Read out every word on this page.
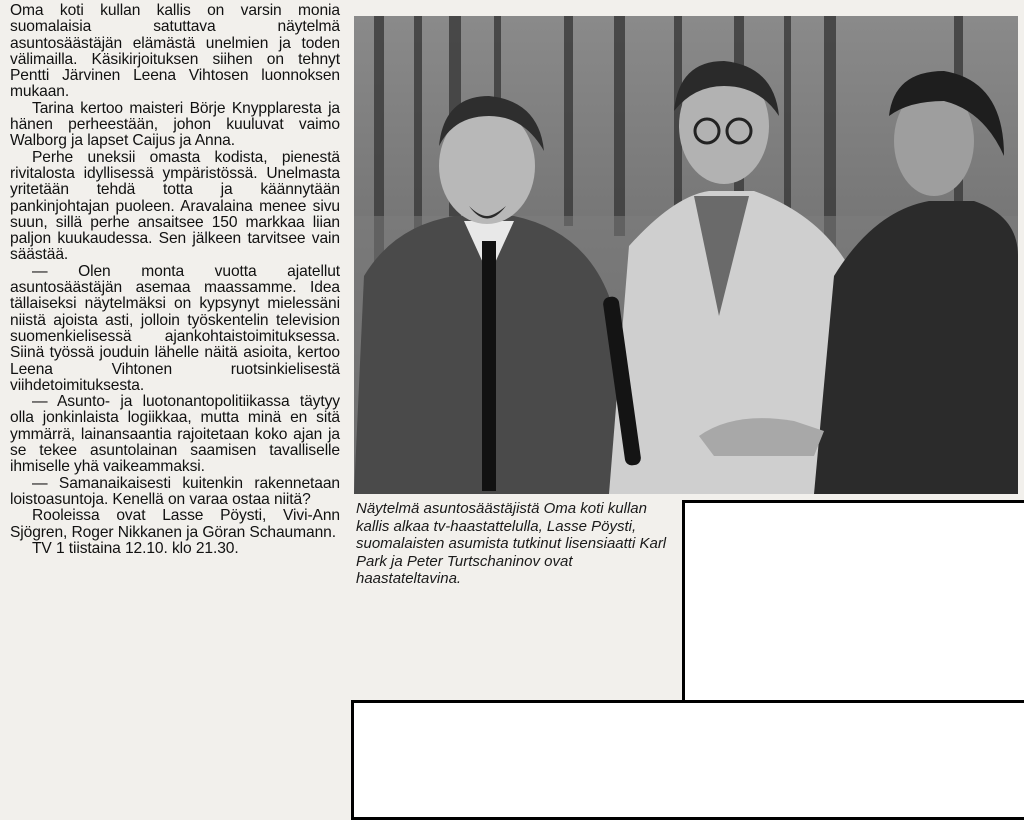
Oma koti kullan kallis on varsin monia suomalaisia satuttava näytelmä asuntosäästäjän elämästä unelmien ja toden välimailla. Käsikirjoituksen siihen on tehnyt Pentti Järvinen Leena Vihtosen luonnoksen mukaan.

Tarina kertoo maisteri Börje Knypplaresta ja hänen perheestään, johon kuuluvat vaimo Walborg ja lapset Caijus ja Anna.

Perhe uneksii omasta kodista, pienestä rivitalosta idyllisessä ympäristössä. Unelmasta yritetään tehdä totta ja käännytään pankinjohtajan puoleen. Aravalaina menee sivu suun, sillä perhe ansaitsee 150 markkaa liian paljon kuukaudessa. Sen jälkeen tarvitsee vain säästää.

— Olen monta vuotta ajatellut asuntosäästäjän asemaa maassamme. Idea tällaiseksi näytelmäksi on kypsynyt mielessäni niistä ajoista asti, jolloin työskentelin television suomenkielisessä ajankohtaistoimituksessa. Siinä työssä jouduin lähelle näitä asioita, kertoo Leena Vihtonen ruotsinkielisestä viihdetoimituksesta.

— Asunto- ja luotonantopolitiikassa täytyy olla jonkinlaista logiikkaa, mutta minä en sitä ymmärrä, lainansaantia rajoitetaan koko ajan ja se tekee asuntolainan saamisen tavalliselle ihmiselle yhä vaikeammaksi.

— Samanaikaisesti kuitenkin rakennetaan loistoasuntoja. Kenellä on varaa ostaa niitä?

Rooleissa ovat Lasse Pöysti, Vivi-Ann Sjögren, Roger Nikkanen ja Göran Schaumann.

TV 1 tiistaina 12.10. klo 21.30.

Näytelmä asuntosäästäjistä Oma koti kullan kallis alkaa tv-haastattelulla, Lasse Pöysti, suomalaisten asumista tutkinut lisensiaatti Karl Park ja Peter Turtschaninov ovat haastateltavina.
